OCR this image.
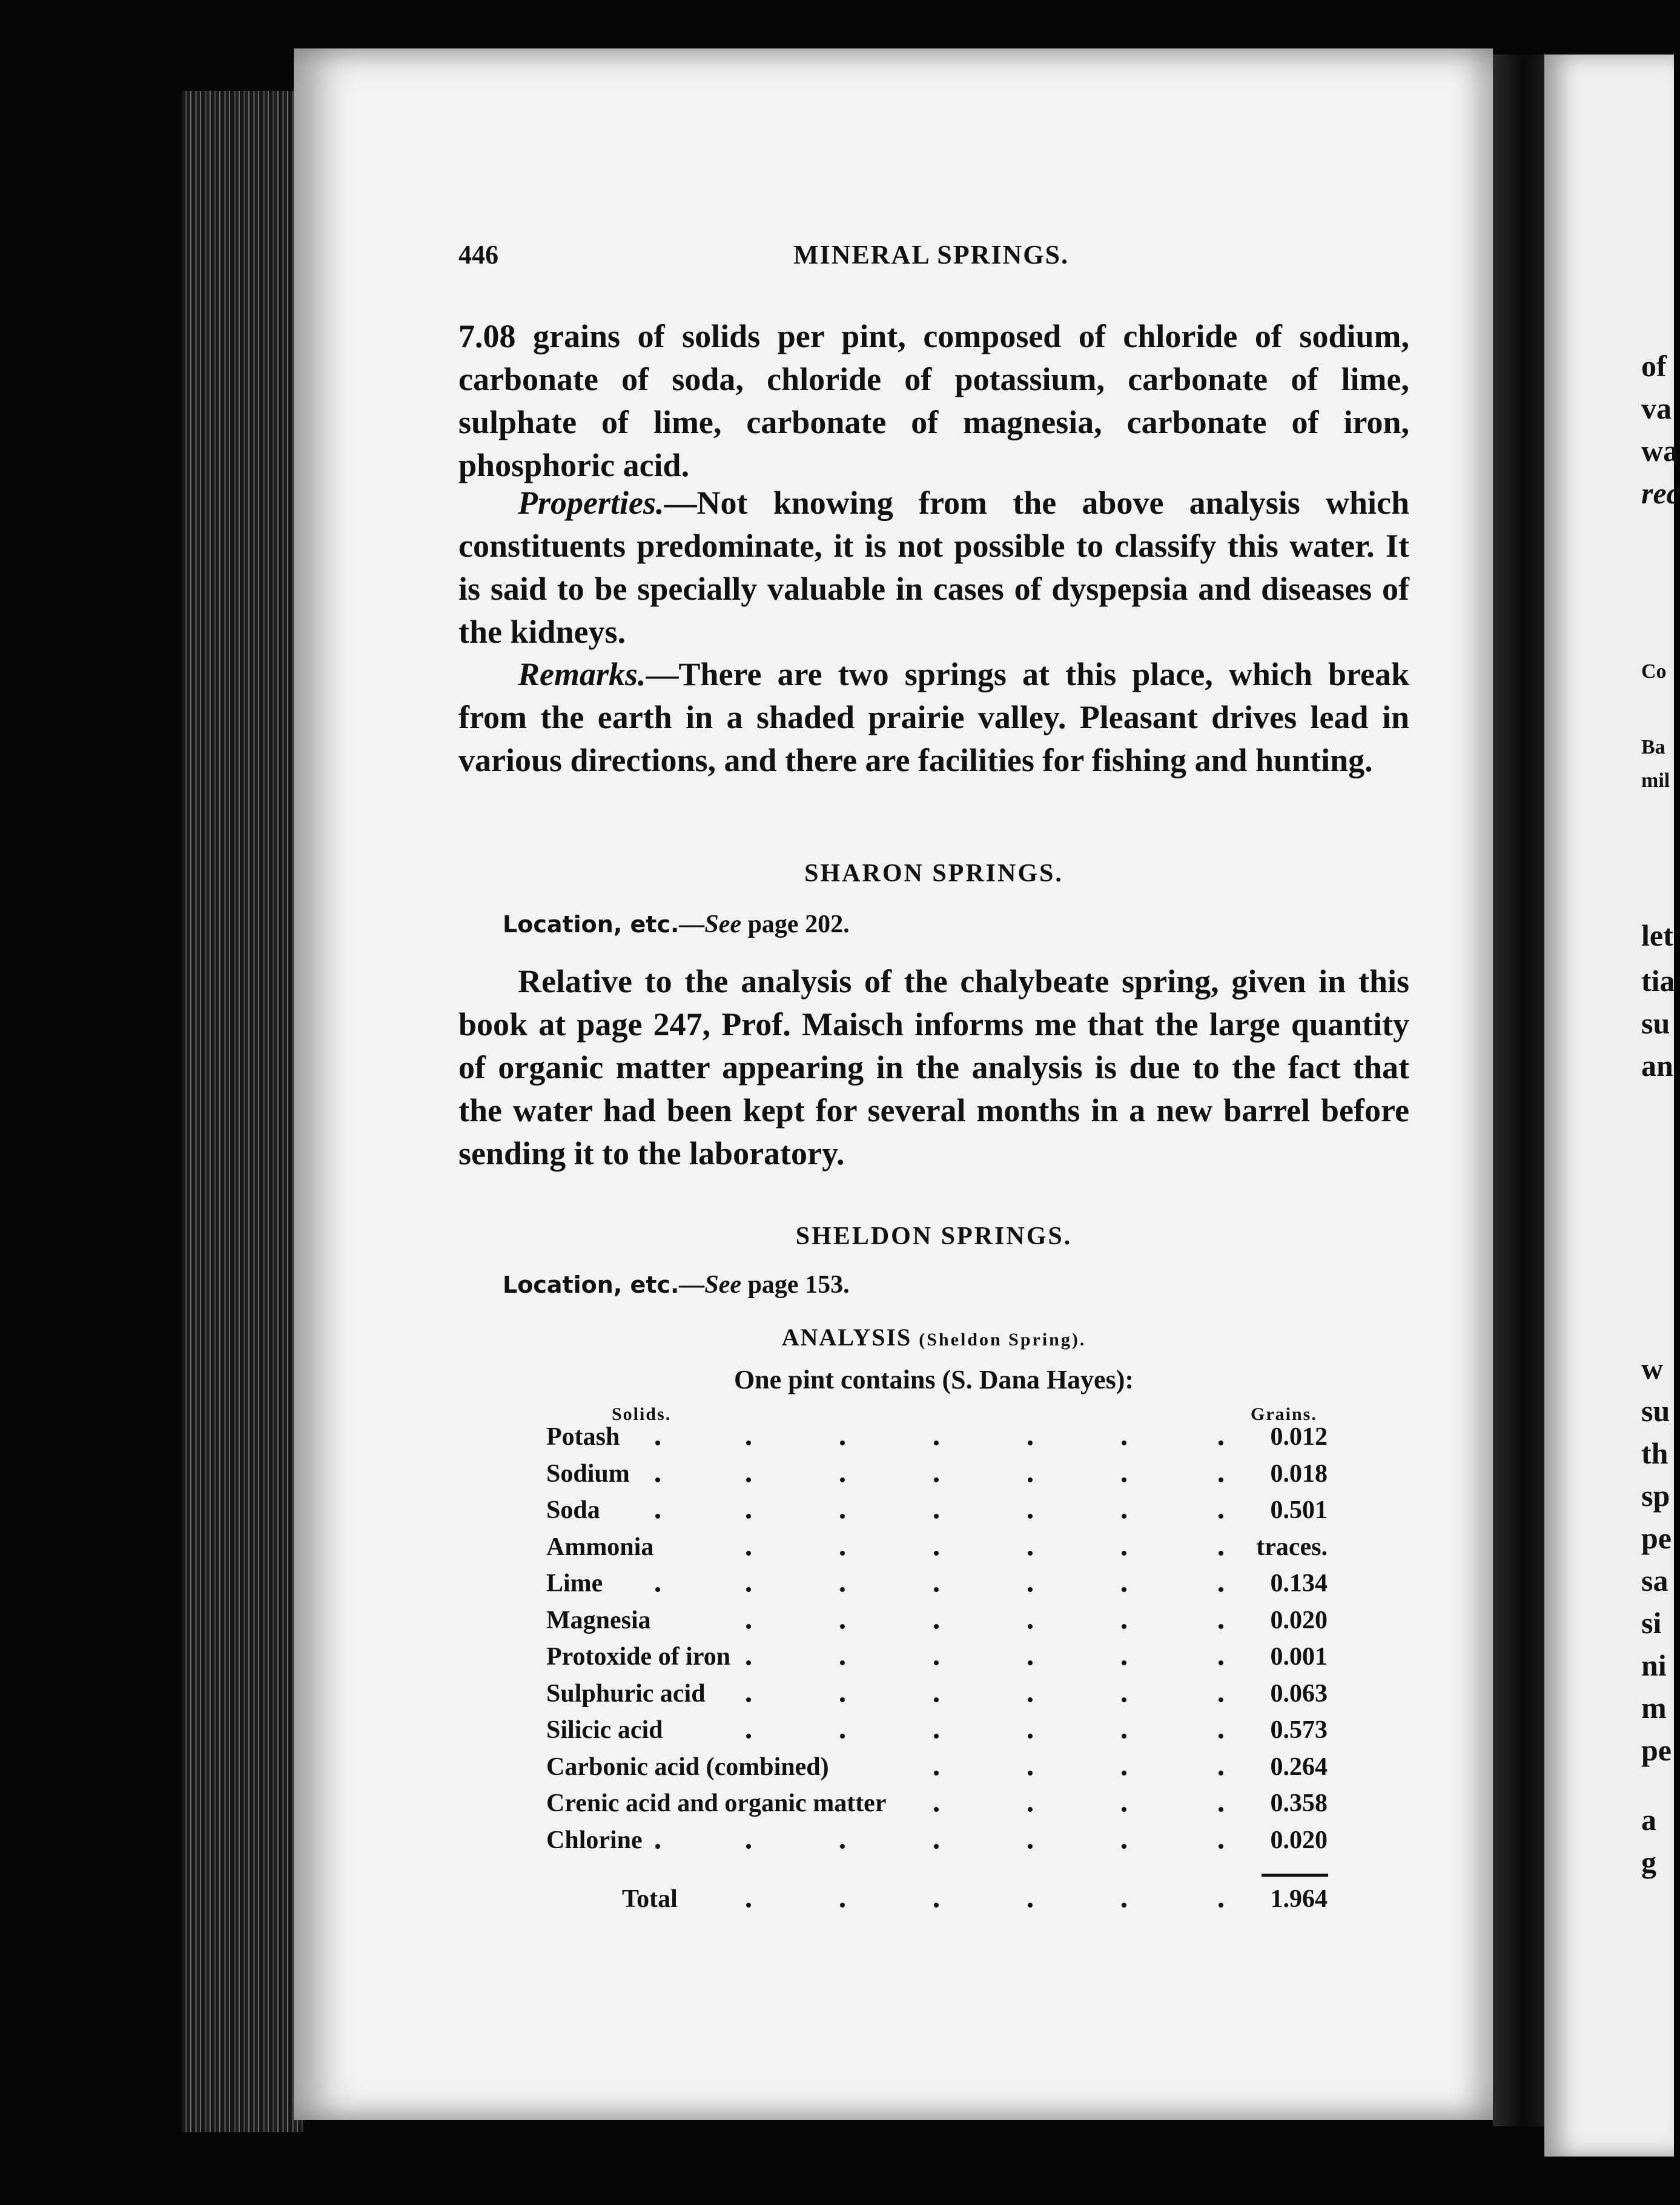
of
va
wa
rec
Co
Ba
mil
let
tia
su
an
w
su
th
sp
pe
sa
si
ni
m
pe
a
g
446	MINERAL SPRINGS.

7.08 grains of solids per pint, composed of chloride of sodium, carbonate of soda, chloride of potassium, carbonate of lime, sulphate of lime, carbonate of magnesia, carbonate of iron, phosphoric acid.

Properties.—Not knowing from the above analysis which constituents predominate, it is not possible to classify this water. It is said to be specially valuable in cases of dyspepsia and diseases of the kidneys.

Remarks.—There are two springs at this place, which break from the earth in a shaded prairie valley. Pleasant drives lead in various directions, and there are facilities for fishing and hunting.

SHARON SPRINGS.
Location, etc.—See page 202.

Relative to the analysis of the chalybeate spring, given in this book at page 247, Prof. Maisch informs me that the large quantity of organic matter appearing in the analysis is due to the fact that the water had been kept for several months in a new barrel before sending it to the laboratory.

SHELDON SPRINGS.
Location, etc.—See page 153.
ANALYSIS (Sheldon Spring).
One pint contains (S. Dana Hayes):
Solids.	Grains.
Potash	0.012
Sodium	0.018
Soda	0.501
Ammonia	traces.
Lime	0.134
Magnesia	0.020
Protoxide of iron	0.001
Sulphuric acid	0.063
Silicic acid	0.573
Carbonic acid (combined)	0.264
Crenic acid and organic matter	0.358
Chlorine	0.020
Total	1.964
